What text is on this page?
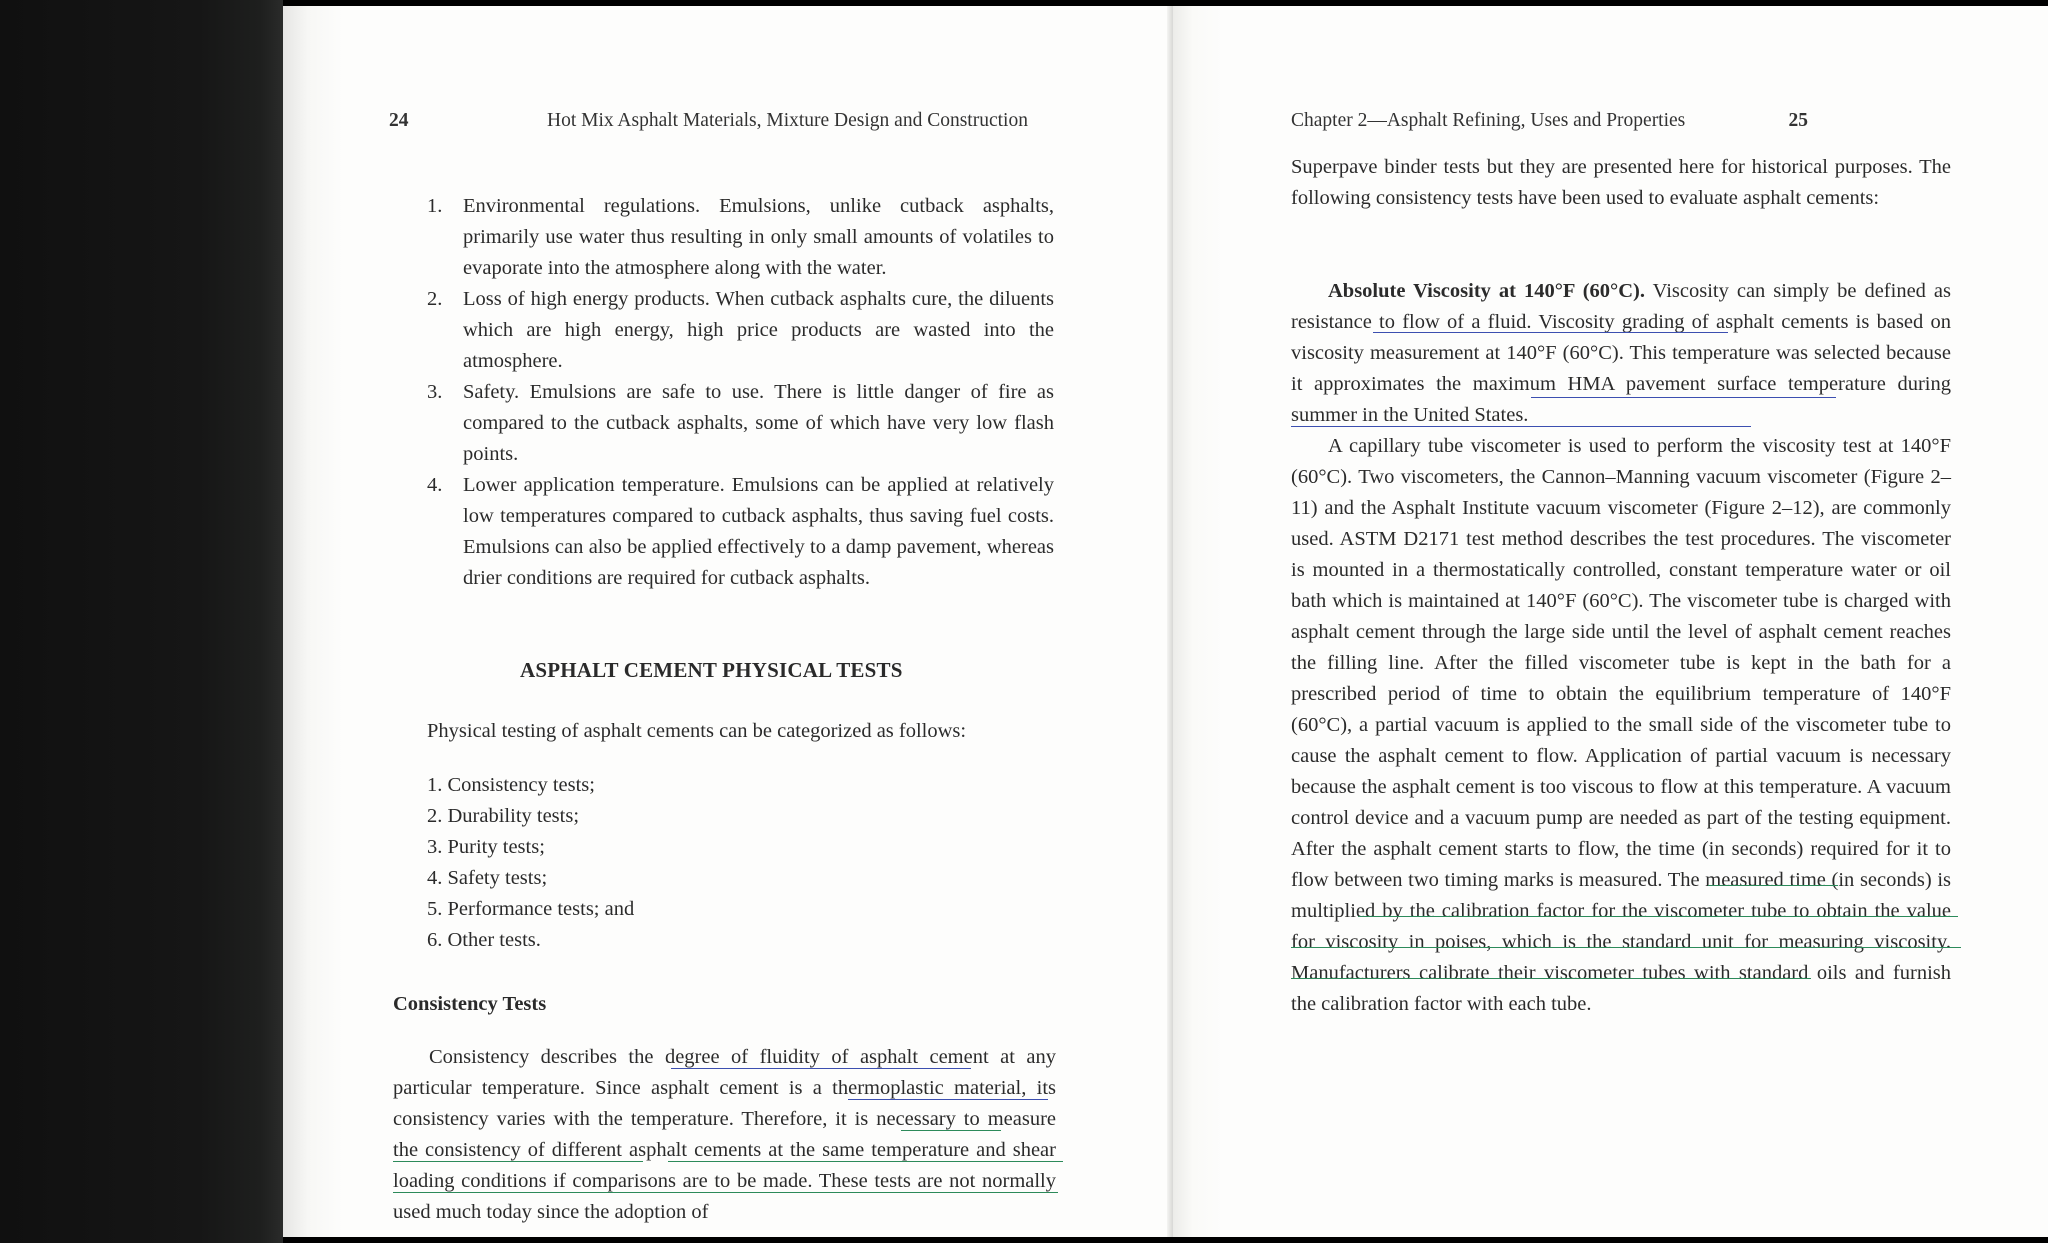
24	Hot Mix Asphalt Materials, Mixture Design and Construction
1. Environmental regulations. Emulsions, unlike cutback asphalts, primarily use water thus resulting in only small amounts of volatiles to evaporate into the atmosphere along with the water.
2. Loss of high energy products. When cutback asphalts cure, the diluents which are high energy, high price products are wasted into the atmosphere.
3. Safety. Emulsions are safe to use. There is little danger of fire as compared to the cutback asphalts, some of which have very low flash points.
4. Lower application temperature. Emulsions can be applied at relatively low temperatures compared to cutback asphalts, thus saving fuel costs. Emulsions can also be applied effectively to a damp pavement, whereas drier conditions are required for cutback asphalts.
ASPHALT CEMENT PHYSICAL TESTS
Physical testing of asphalt cements can be categorized as follows:
1. Consistency tests;
2. Durability tests;
3. Purity tests;
4. Safety tests;
5. Performance tests; and
6. Other tests.
Consistency Tests
Consistency describes the degree of fluidity of asphalt cement at any particular temperature. Since asphalt cement is a thermoplastic material, its consistency varies with the temperature. Therefore, it is necessary to measure the consistency of different asphalt cements at the same temperature and shear loading conditions if comparisons are to be made. These tests are not normally used much today since the adoption of
Chapter 2—Asphalt Refining, Uses and Properties	25
Superpave binder tests but they are presented here for historical purposes. The following consistency tests have been used to evaluate asphalt cements:
Absolute Viscosity at 140°F (60°C). Viscosity can simply be defined as resistance to flow of a fluid. Viscosity grading of asphalt cements is based on viscosity measurement at 140°F (60°C). This temperature was selected because it approximates the maximum HMA pavement surface temperature during summer in the United States.
A capillary tube viscometer is used to perform the viscosity test at 140°F (60°C). Two viscometers, the Cannon–Manning vacuum viscometer (Figure 2–11) and the Asphalt Institute vacuum viscometer (Figure 2–12), are commonly used. ASTM D2171 test method describes the test procedures. The viscometer is mounted in a thermostatically controlled, constant temperature water or oil bath which is maintained at 140°F (60°C). The viscometer tube is charged with asphalt cement through the large side until the level of asphalt cement reaches the filling line. After the filled viscometer tube is kept in the bath for a prescribed period of time to obtain the equilibrium temperature of 140°F (60°C), a partial vacuum is applied to the small side of the viscometer tube to cause the asphalt cement to flow. Application of partial vacuum is necessary because the asphalt cement is too viscous to flow at this temperature. A vacuum control device and a vacuum pump are needed as part of the testing equipment. After the asphalt cement starts to flow, the time (in seconds) required for it to flow between two timing marks is measured. The measured time (in seconds) is multiplied by the calibration factor for the viscometer tube to obtain the value for viscosity in poises, which is the standard unit for measuring viscosity. Manufacturers calibrate their viscometer tubes with standard oils and furnish the calibration factor with each tube.
